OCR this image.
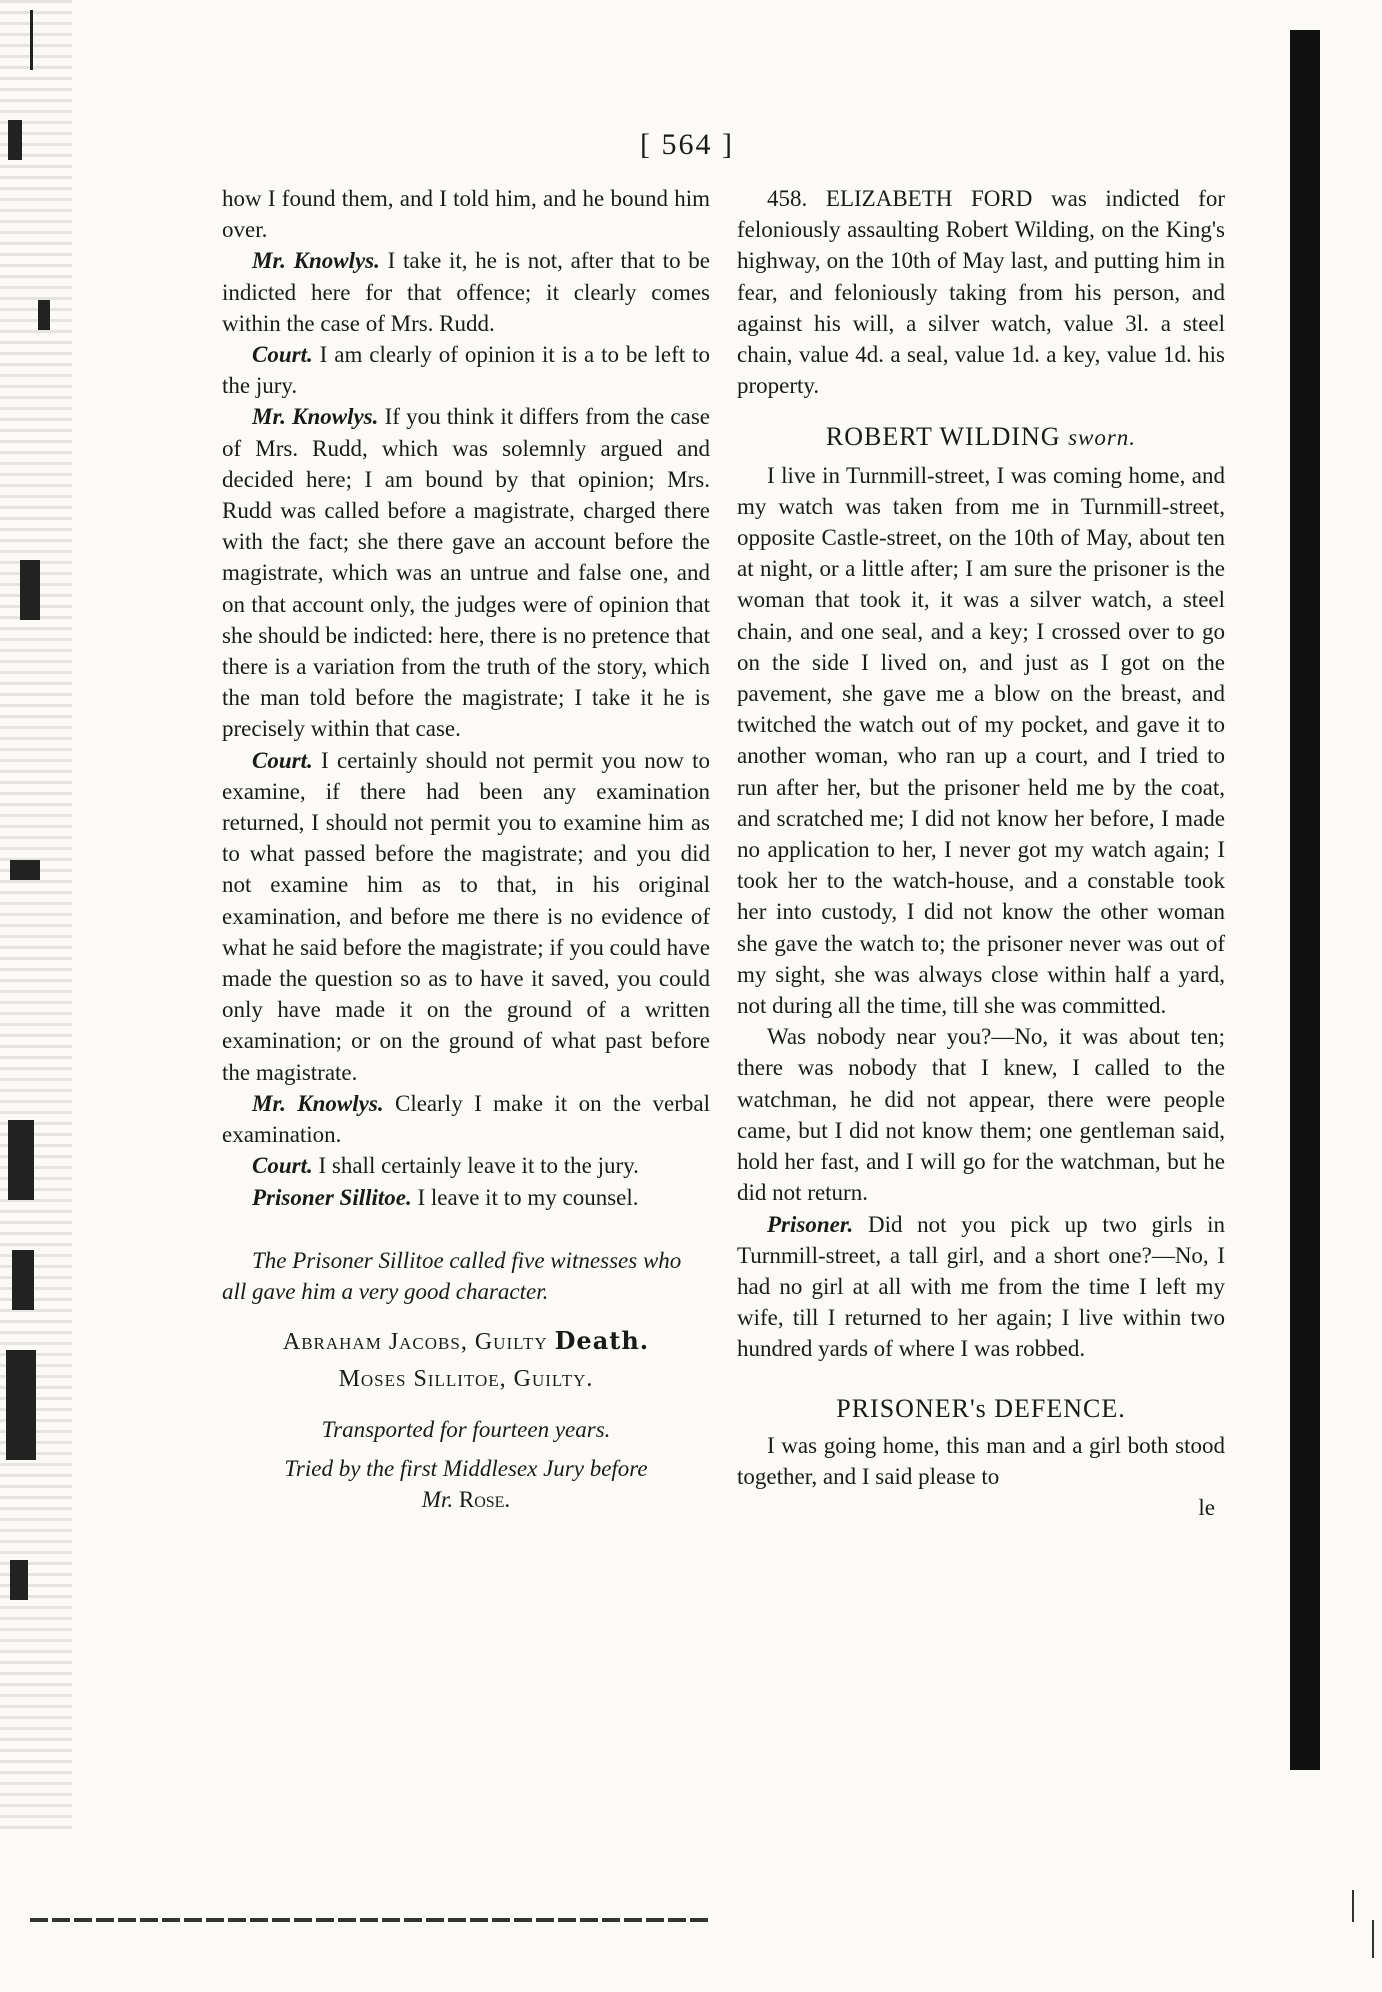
[ 564 ]

how I found them, and I told him, and he bound him over.

Mr. Knowlys. I take it, he is not, after that to be indicted here for that offence; it clearly comes within the case of Mrs. Rudd.

Court. I am clearly of opinion it is a to be left to the jury.

Mr. Knowlys. If you think it differs from the case of Mrs. Rudd, which was solemnly argued and decided here; I am bound by that opinion; Mrs. Rudd was called before a magistrate, charged there with the fact; she there gave an account before the magistrate, which was an untrue and false one, and on that account only, the judges were of opinion that she should be indicted: here, there is no pretence that there is a variation from the truth of the story, which the man told before the magistrate; I take it he is precisely within that case.

Court. I certainly should not permit you now to examine, if there had been any examination returned, I should not permit you to examine him as to what passed before the magistrate; and you did not examine him as to that, in his original examination, and before me there is no evidence of what he said before the magistrate; if you could have made the question so as to have it saved, you could only have made it on the ground of a written examination; or on the ground of what past before the magistrate.

Mr. Knowlys. Clearly I make it on the verbal examination.

Court. I shall certainly leave it to the jury.

Prisoner Sillitoe. I leave it to my counsel.

The Prisoner Sillitoe called five witnesses who all gave him a very good character.

Abraham Jacobs, Guilty Death.

Moses Sillitoe, Guilty.

Transported for fourteen years.

Tried by the first Middlesex Jury before

Mr. Rose.

458. ELIZABETH FORD was indicted for feloniously assaulting Robert Wilding, on the King's highway, on the 10th of May last, and putting him in fear, and feloniously taking from his person, and against his will, a silver watch, value 3l. a steel chain, value 4d. a seal, value 1d. a key, value 1d. his property.

ROBERT WILDING sworn.

I live in Turnmill-street, I was coming home, and my watch was taken from me in Turnmill-street, opposite Castle-street, on the 10th of May, about ten at night, or a little after; I am sure the prisoner is the woman that took it, it was a silver watch, a steel chain, and one seal, and a key; I crossed over to go on the side I lived on, and just as I got on the pavement, she gave me a blow on the breast, and twitched the watch out of my pocket, and gave it to another woman, who ran up a court, and I tried to run after her, but the prisoner held me by the coat, and scratched me; I did not know her before, I made no application to her, I never got my watch again; I took her to the watch-house, and a constable took her into custody, I did not know the other woman she gave the watch to; the prisoner never was out of my sight, she was always close within half a yard, not during all the time, till she was committed.

Was nobody near you?—No, it was about ten; there was nobody that I knew, I called to the watchman, he did not appear, there were people came, but I did not know them; one gentleman said, hold her fast, and I will go for the watchman, but he did not return.

Prisoner. Did not you pick up two girls in Turnmill-street, a tall girl, and a short one?—No, I had no girl at all with me from the time I left my wife, till I returned to her again; I live within two hundred yards of where I was robbed.

PRISONER's DEFENCE.

I was going home, this man and a girl both stood together, and I said please to

le
